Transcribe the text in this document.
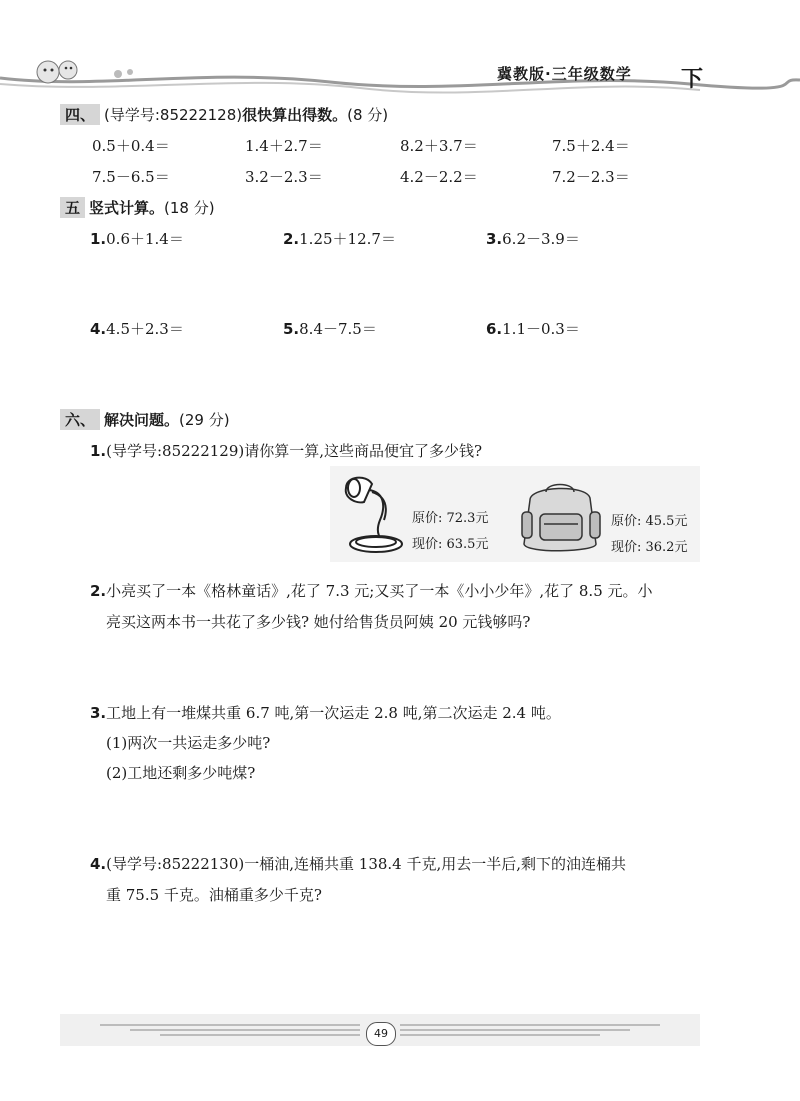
冀教版·三年级数学 下
四、 (导学号:85222128)很快算出得数。(8 分)
0.5＋0.4＝	1.4＋2.7＝	8.2＋3.7＝	7.5＋2.4＝
7.5－6.5＝	3.2－2.3＝	4.2－2.2＝	7.2－2.3＝
五 竖式计算。(18 分)
1.0.6＋1.4＝	2.1.25＋12.7＝	3.6.2－3.9＝
4.4.5＋2.3＝	5.8.4－7.5＝	6.1.1－0.3＝
六、 解决问题。(29 分)
1.(导学号:85222129)请你算一算,这些商品便宜了多少钱?
原价: 72.3元
现价: 63.5元
原价: 45.5元
现价: 36.2元
2.小亮买了一本《格林童话》,花了 7.3 元;又买了一本《小小少年》,花了 8.5 元。小
亮买这两本书一共花了多少钱? 她付给售货员阿姨 20 元钱够吗?
3.工地上有一堆煤共重 6.7 吨,第一次运走 2.8 吨,第二次运走 2.4 吨。
(1)两次一共运走多少吨?
(2)工地还剩多少吨煤?
4.(导学号:85222130)一桶油,连桶共重 138.4 千克,用去一半后,剩下的油连桶共
重 75.5 千克。油桶重多少千克?
49
